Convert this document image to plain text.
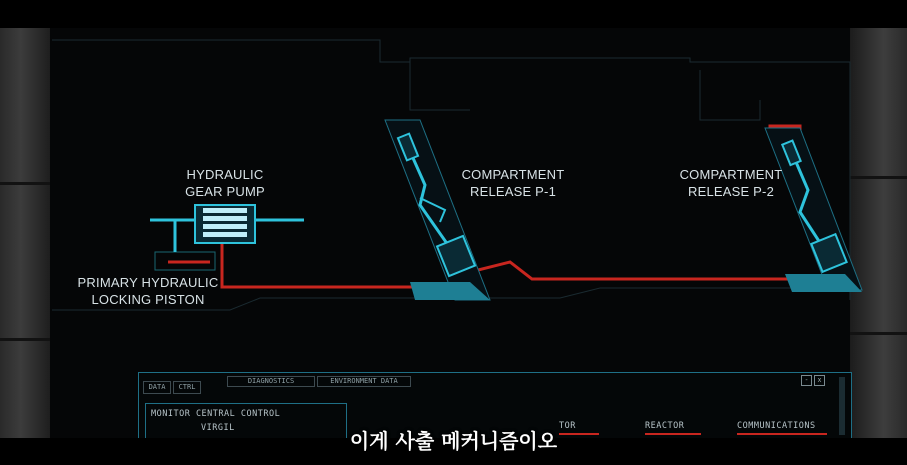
HYDRAULIC
GEAR PUMP
PRIMARY HYDRAULIC
LOCKING PISTON
COMPARTMENT
RELEASE P-1
COMPARTMENT
RELEASE P-2
DATA	CTRL
DIAGNOSTICS	ENVIRONMENT DATA	-	x
MONITOR CENTRAL CONTROL
VIRGIL	TOR	REACTOR	COMMUNICATIONS
이게 사출 메커니즘이오
